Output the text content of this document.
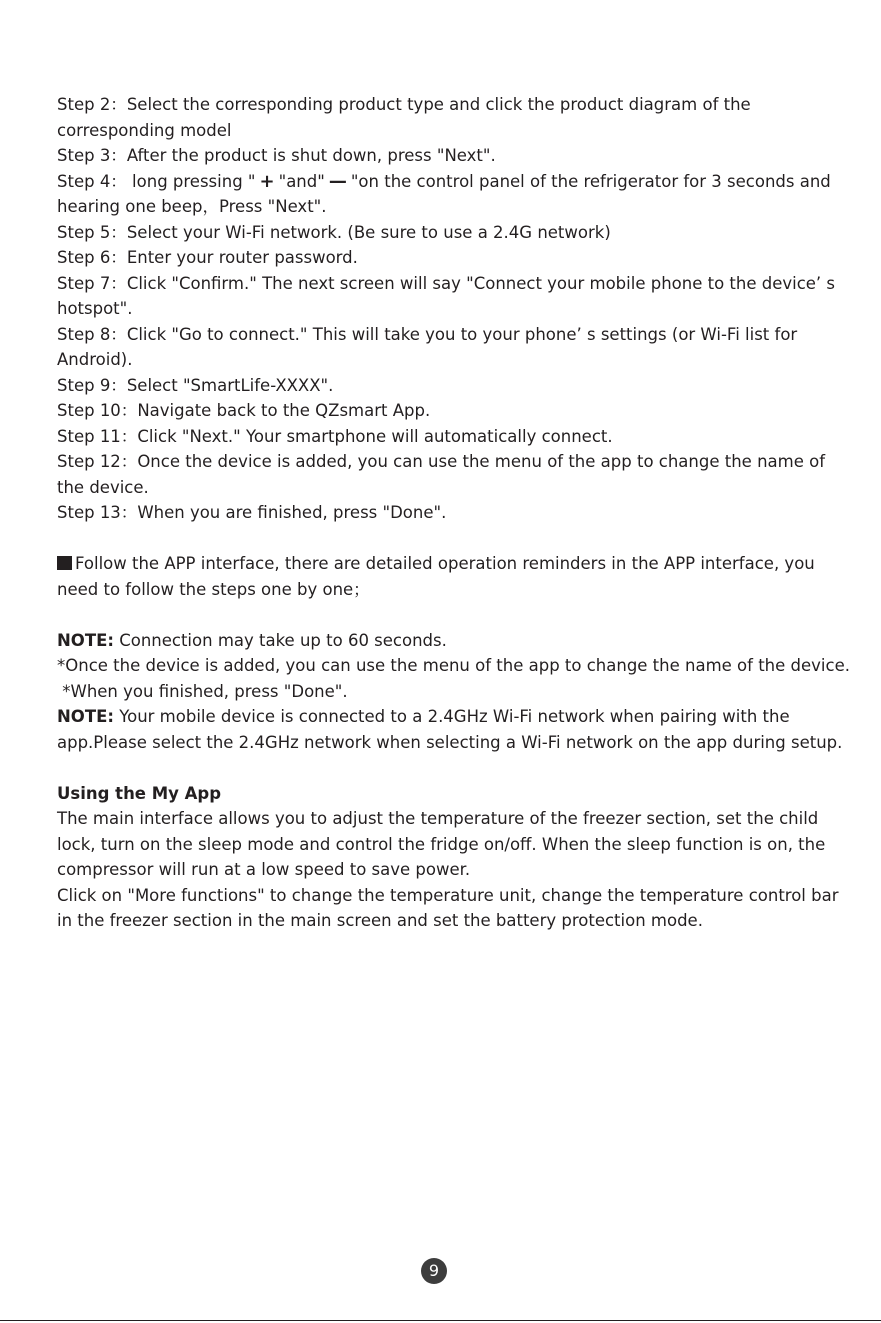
Step 2：Select the corresponding product type and click the product diagram of the corresponding model

Step 3：After the product is shut down, press "Next".

Step 4： long pressing " + "and" — "on the control panel of the refrigerator for 3 seconds and hearing one beep，Press "Next".

Step 5：Select your Wi-Fi network. (Be sure to use a 2.4G network)

Step 6：Enter your router password.

Step 7：Click "Confirm." The next screen will say "Connect your mobile phone to the device’ s hotspot".

Step 8：Click "Go to connect." This will take you to your phone’ s settings (or Wi-Fi list for Android).

Step 9：Select "SmartLife-XXXX".

Step 10：Navigate back to the QZsmart App.

Step 11：Click "Next." Your smartphone will automatically connect.

Step 12：Once the device is added, you can use the menu of the app to change the name of the device.

Step 13：When you are finished, press "Done".

Follow the APP interface, there are detailed operation reminders in the APP interface, you need to follow the steps one by one；

NOTE: Connection may take up to 60 seconds.

*Once the device is added, you can use the menu of the app to change the name of the device.

*When you finished, press "Done".

NOTE: Your mobile device is connected to a 2.4GHz Wi-Fi network when pairing with the app.Please select the 2.4GHz network when selecting a Wi-Fi network on the app during setup.

Using the My App

The main interface allows you to adjust the temperature of the freezer section, set the child lock, turn on the sleep mode and control the fridge on/off. When the sleep function is on, the compressor will run at a low speed to save power.

Click on "More functions" to change the temperature unit, change the temperature control bar in the freezer section in the main screen and set the battery protection mode.

9
